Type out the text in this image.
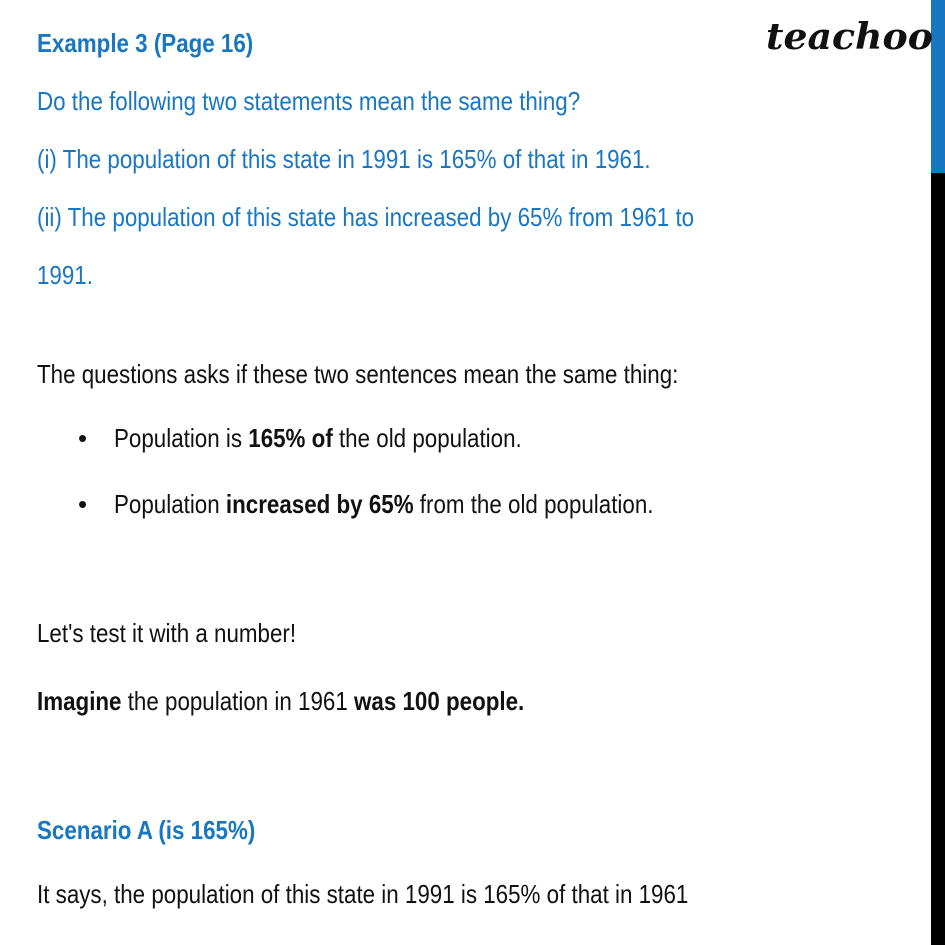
teachoo
Example 3 (Page 16)
Do the following two statements mean the same thing?
(i) The population of this state in 1991 is 165% of that in 1961.
(ii) The population of this state has increased by 65% from 1961 to
1991.
The questions asks if these two sentences mean the same thing:
• Population is 165% of the old population.
• Population increased by 65% from the old population.
Let's test it with a number!
Imagine the population in 1961 was 100 people.
Scenario A (is 165%)
It says, the population of this state in 1991 is 165% of that in 1961
